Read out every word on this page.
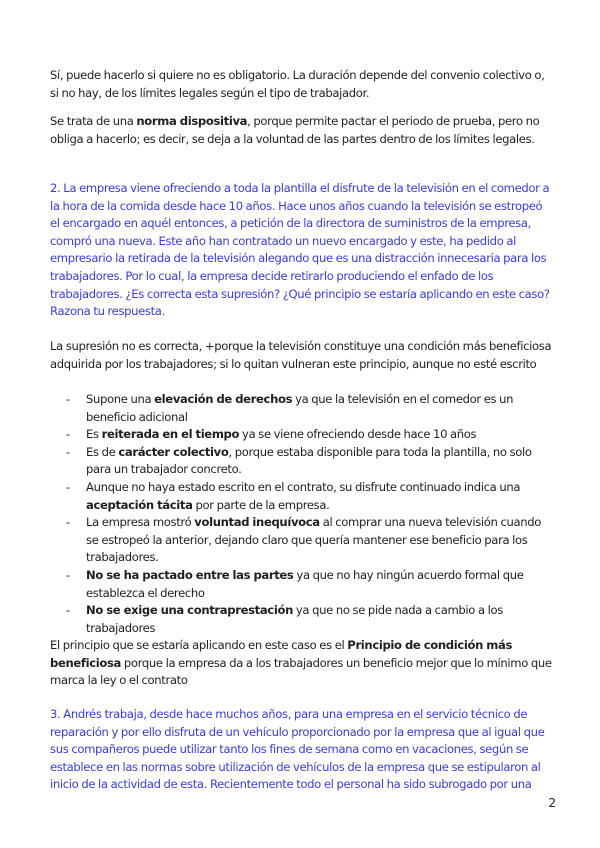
Sí, puede hacerlo si quiere no es obligatorio. La duración depende del convenio colectivo o, si no hay, de los límites legales según el tipo de trabajador.

Se trata de una norma dispositiva, porque permite pactar el periodo de prueba, pero no obliga a hacerlo; es decir, se deja a la voluntad de las partes dentro de los límites legales.

2. La empresa viene ofreciendo a toda la plantilla el disfrute de la televisión en el comedor a la hora de la comida desde hace 10 años. Hace unos años cuando la televisión se estropeó el encargado en aquél entonces, a petición de la directora de suministros de la empresa, compró una nueva. Este año han contratado un nuevo encargado y este, ha pedido al empresario la retirada de la televisión alegando que es una distracción innecesaria para los trabajadores. Por lo cual, la empresa decide retirarlo produciendo el enfado de los trabajadores. ¿Es correcta esta supresión? ¿Qué principio se estaría aplicando en este caso? Razona tu respuesta.

La supresión no es correcta, +porque la televisión constituye una condición más beneficiosa adquirida por los trabajadores; si lo quitan vulneran este principio, aunque no esté escrito

- Supone una elevación de derechos ya que la televisión en el comedor es un beneficio adicional
- Es reiterada en el tiempo ya se viene ofreciendo desde hace 10 años
- Es de carácter colectivo, porque estaba disponible para toda la plantilla, no solo para un trabajador concreto.
- Aunque no haya estado escrito en el contrato, su disfrute continuado indica una aceptación tácita por parte de la empresa.
- La empresa mostró voluntad inequívoca al comprar una nueva televisión cuando se estropeó la anterior, dejando claro que quería mantener ese beneficio para los trabajadores.
- No se ha pactado entre las partes ya que no hay ningún acuerdo formal que establezca el derecho
- No se exige una contraprestación ya que no se pide nada a cambio a los trabajadores

El principio que se estaría aplicando en este caso es el Principio de condición más beneficiosa porque la empresa da a los trabajadores un beneficio mejor que lo mínimo que marca la ley o el contrato

3. Andrés trabaja, desde hace muchos años, para una empresa en el servicio técnico de reparación y por ello disfruta de un vehículo proporcionado por la empresa que al igual que sus compañeros puede utilizar tanto los fines de semana como en vacaciones, según se establece en las normas sobre utilización de vehículos de la empresa que se estipularon al inicio de la actividad de esta. Recientemente todo el personal ha sido subrogado por una

2
